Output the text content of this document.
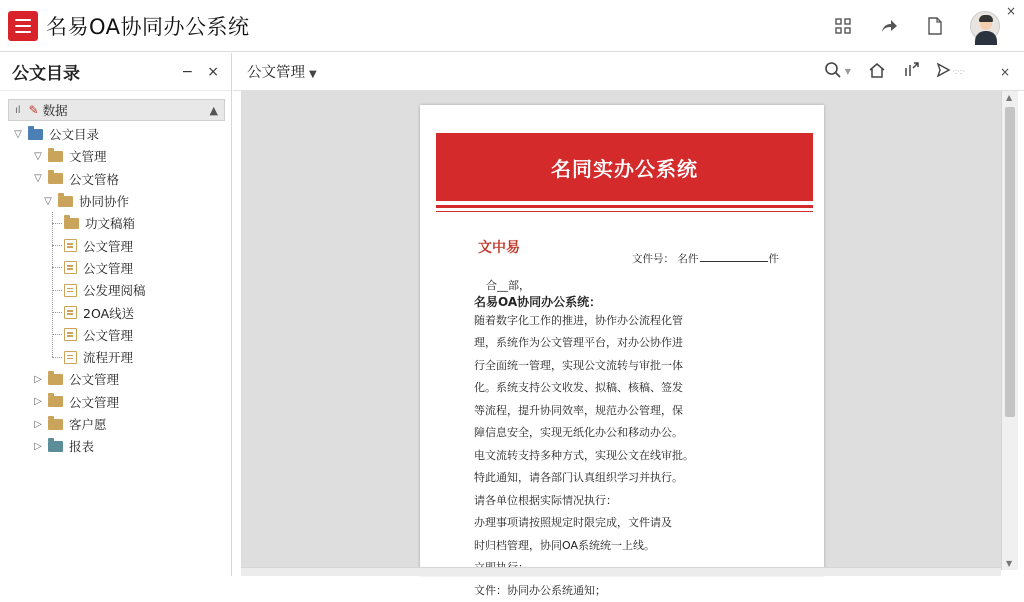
名易OA协同办公系统
×
公文目录	− ×
ıl ✎ 数据	▲
▽ 公文目录
▽ 文管理
▽ 公文管格
▽ 协同协作
功文稿箱
公文管理
公文管理
公发理阅稿
2OA线送
公文管理
流程开理
▷ 公文管理
▷ 公文管理
▷ 客户愿
▷ 报表
公文管理 ▼	▼	·:·:·	×
名同实办公系统
文中易
文件号： 名件	件

合__部，

名易OA协同办公系统：

随着数字化工作的推进，协作办公流程化管

理，系统作为公文管理平台，对办公协作进

行全面统一管理，实现公文流转与审批一体

化。系统支持公文收发、拟稿、核稿、签发

等流程，提升协同效率，规范办公管理，保

障信息安全，实现无纸化办公和移动办公。

电文流转支持多种方式，实现公文在线审批。

特此通知，请各部门认真组织学习并执行。

请各单位根据实际情况执行：

办理事项请按照规定时限完成，文件请及

时归档管理，协同OA系统统一上线。

文件：协同办公系统通知；

▲
▼
